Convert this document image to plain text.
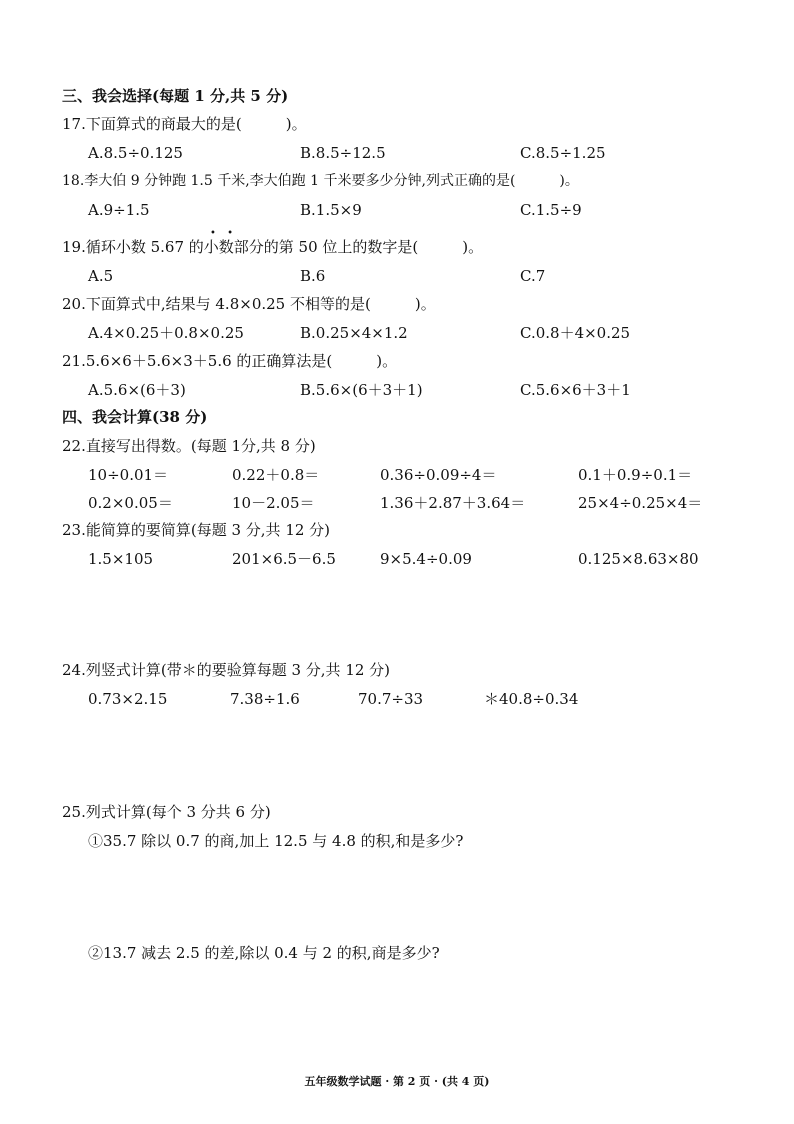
三、我会选择(每题 1 分,共 5 分)
17.下面算式的商最大的是(	)。
A.8.5÷0.125	B.8.5÷12.5	C.8.5÷1.25
18.李大伯 9 分钟跑 1.5 千米,李大伯跑 1 千米要多少分钟,列式正确的是(	)。
A.9÷1.5	B.1.5×9	C.1.5÷9
19.循环小数 5.67 的小数部分的第 50 位上的数字是(	)。
• •
A.5	B.6	C.7
20.下面算式中,结果与 4.8×0.25 不相等的是(	)。
A.4×0.25＋0.8×0.25	B.0.25×4×1.2	C.0.8＋4×0.25
21.5.6×6＋5.6×3＋5.6 的正确算法是(	)。
A.5.6×(6＋3)	B.5.6×(6＋3＋1)	C.5.6×6＋3＋1
四、我会计算(38 分)
22.直接写出得数。(每题 1分,共 8 分)
10÷0.01＝	0.22＋0.8＝	0.36÷0.09÷4＝	0.1＋0.9÷0.1＝
0.2×0.05＝	10－2.05＝	1.36＋2.87＋3.64＝	25×4÷0.25×4＝
23.能简算的要简算(每题 3 分,共 12 分)
1.5×105	201×6.5－6.5	9×5.4÷0.09	0.125×8.63×80
24.列竖式计算(带＊的要验算每题 3 分,共 12 分)
0.73×2.15	7.38÷1.6	70.7÷33	＊40.8÷0.34
25.列式计算(每个 3 分共 6 分)
①35.7 除以 0.7 的商,加上 12.5 与 4.8 的积,和是多少?
②13.7 减去 2.5 的差,除以 0.4 与 2 的积,商是多少?
五年级数学试题 · 第 2 页 · (共 4 页)
